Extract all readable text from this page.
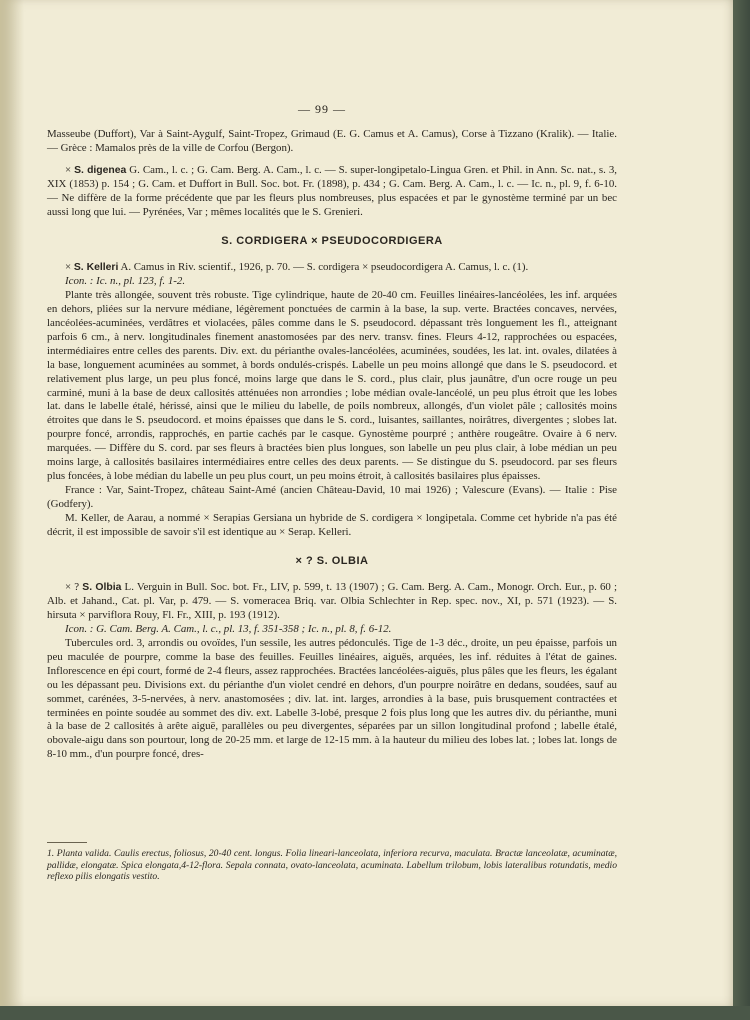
— 99 —

Masseube (Duffort), Var à Saint-Aygulf, Saint-Tropez, Grimaud (E. G. Camus et A. Camus), Corse à Tizzano (Kralik). — Italie. — Grèce : Mamalos près de la ville de Corfou (Bergon).

× S. digenea G. Cam., l. c. ; G. Cam. Berg. A. Cam., l. c. — S. super-longipetalo-Lingua Gren. et Phil. in Ann. Sc. nat., s. 3, XIX (1853) p. 154 ; G. Cam. et Duffort in Bull. Soc. bot. Fr. (1898), p. 434 ; G. Cam. Berg. A. Cam., l. c. — Ic. n., pl. 9, f. 6-10. — Ne diffère de la forme précédente que par les fleurs plus nombreuses, plus espacées et par le gynostème terminé par un bec aussi long que lui. — Pyrénées, Var ; mêmes localités que le S. Grenieri.

S. CORDIGERA × PSEUDOCORDIGERA

× S. Kelleri A. Camus in Riv. scientif., 1926, p. 70. — S. cordigera × pseudocordigera A. Camus, l. c. (1).

Icon. : Ic. n., pl. 123, f. 1-2.

Plante très allongée, souvent très robuste. Tige cylindrique, haute de 20-40 cm. Feuilles linéaires-lancéolées, les inf. arquées en dehors, pliées sur la nervure médiane, légèrement ponctuées de carmin à la base, la sup. verte. Bractées concaves, nervées, lancéolées-acuminées, verdâtres et violacées, pâles comme dans le S. pseudocord. dépassant très longuement les fl., atteignant parfois 6 cm., à nerv. longitudinales finement anastomosées par des nerv. transv. fines. Fleurs 4-12, rapprochées ou espacées, intermédiaires entre celles des parents. Div. ext. du périanthe ovales-lancéolées, acuminées, soudées, les lat. int. ovales, dilatées à la base, longuement acuminées au sommet, à bords ondulés-crispés. Labelle un peu moins allongé que dans le S. pseudocord. et relativement plus large, un peu plus foncé, moins large que dans le S. cord., plus clair, plus jaunâtre, d'un ocre rouge un peu carminé, muni à la base de deux callosités atténuées non arrondies ; lobe médian ovale-lancéolé, un peu plus étroit que les lobes lat. dans le labelle étalé, hérissé, ainsi que le milieu du labelle, de poils nombreux, allongés, d'un violet pâle ; callosités moins étroites que dans le S. pseudocord. et moins épaisses que dans le S. cord., luisantes, saillantes, noirâtres, divergentes ; slobes lat. pourpre foncé, arrondis, rapprochés, en partie cachés par le casque. Gynostème pourpré ; anthère rougeâtre. Ovaire à 6 nerv. marquées. — Diffère du S. cord. par ses fleurs à bractées bien plus longues, son labelle un peu plus clair, à lobe médian un peu moins large, à callosités basilaires intermédiaires entre celles des deux parents. — Se distingue du S. pseudocord. par ses fleurs plus foncées, à lobe médian du labelle un peu plus court, un peu moins étroit, à callosités basilaires plus épaisses.

France : Var, Saint-Tropez, château Saint-Amé (ancien Château-David, 10 mai 1926) ; Valescure (Evans). — Italie : Pise (Godfery).

M. Keller, de Aarau, a nommé × Serapias Gersiana un hybride de S. cordigera × longipetala. Comme cet hybride n'a pas été décrit, il est impossible de savoir s'il est identique au × Serap. Kelleri.

× ? S. OLBIA

× ? S. Olbia L. Verguin in Bull. Soc. bot. Fr., LIV, p. 599, t. 13 (1907) ; G. Cam. Berg. A. Cam., Monogr. Orch. Eur., p. 60 ; Alb. et Jahand., Cat. pl. Var, p. 479. — S. vomeracea Briq. var. Olbia Schlechter in Rep. spec. nov., XI, p. 571 (1923). — S. hirsuta × parviflora Rouy, Fl. Fr., XIII, p. 193 (1912).

Icon. : G. Cam. Berg. A. Cam., l. c., pl. 13, f. 351-358 ; Ic. n., pl. 8, f. 6-12.

Tubercules ord. 3, arrondis ou ovoïdes, l'un sessile, les autres pédonculés. Tige de 1-3 déc., droite, un peu épaisse, parfois un peu maculée de pourpre, comme la base des feuilles. Feuilles linéaires, aiguës, arquées, les inf. réduites à l'état de gaines. Inflorescence en épi court, formé de 2-4 fleurs, assez rapprochées. Bractées lancéolées-aiguës, plus pâles que les fleurs, les égalant ou les dépassant peu. Divisions ext. du périanthe d'un violet cendré en dehors, d'un pourpre noirâtre en dedans, soudées, sauf au sommet, carénées, 3-5-nervées, à nerv. anastomosées ; div. lat. int. larges, arrondies à la base, puis brusquement contractées et terminées en pointe soudée au sommet des div. ext. Labelle 3-lobé, presque 2 fois plus long que les autres div. du périanthe, muni à la base de 2 callosités à arête aiguë, parallèles ou peu divergentes, séparées par un sillon longitudinal profond ; labelle étalé, obovale-aigu dans son pourtour, long de 20-25 mm. et large de 12-15 mm. à la hauteur du milieu des lobes lat. ; lobes lat. longs de 8-10 mm., d'un pourpre foncé, dres-

1. Planta valida. Caulis erectus, foliosus, 20-40 cent. longus. Folia lineari-lanceolata, inferiora recurva, maculata. Bractæ lanceolatæ, acuminatæ, pallidæ, elongatæ. Spica elongata,4-12-flora. Sepala connata, ovato-lanceolata, acuminata. Labellum trilobum, lobis lateralibus rotundatis, medio reflexo pilis elongatis vestito.
